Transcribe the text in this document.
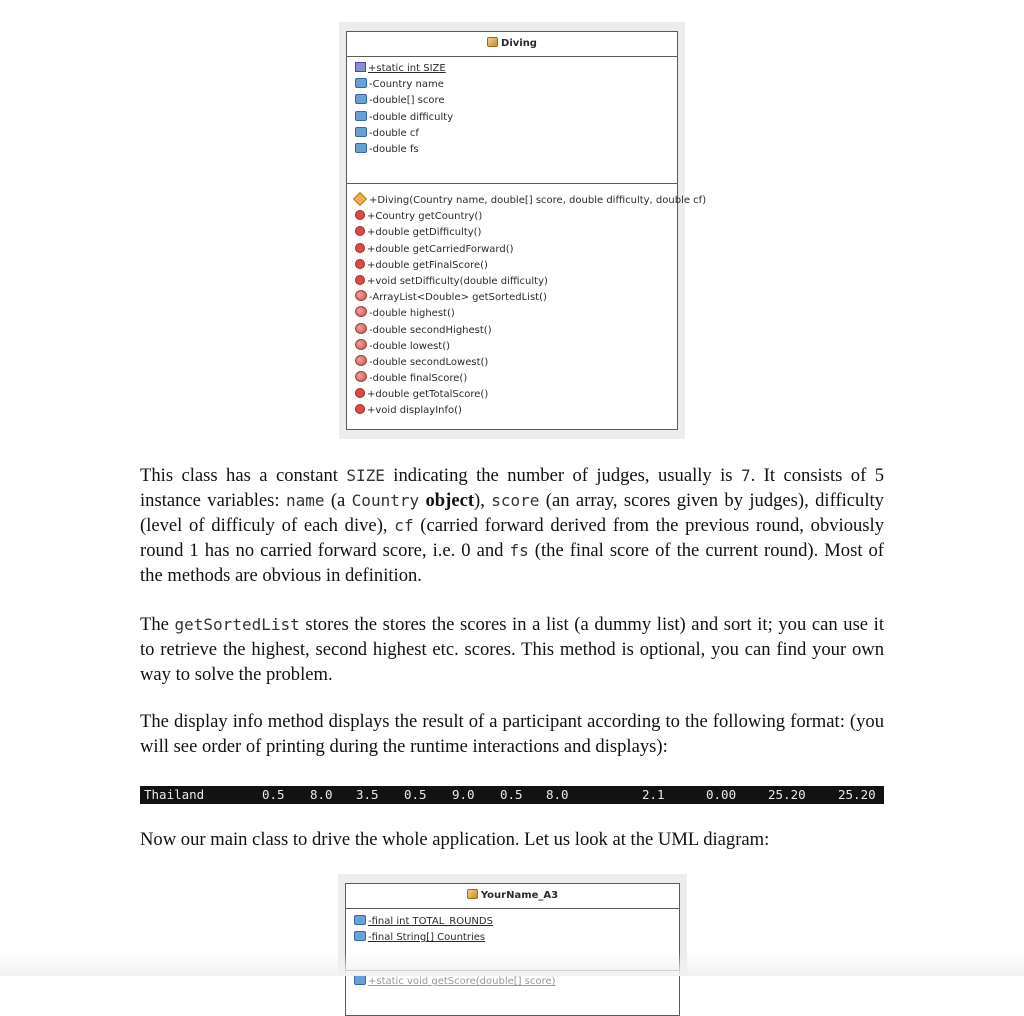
Diving
+static int SIZE
-Country name
-double[] score
-double difficulty
-double cf
-double fs
+Diving(Country name, double[] score, double difficulty, double cf)
+Country getCountry()
+double getDifficulty()
+double getCarriedForward()
+double getFinalScore()
+void setDifficulty(double difficulty)
-ArrayList<Double> getSortedList()
-double highest()
-double secondHighest()
-double lowest()
-double secondLowest()
-double finalScore()
+double getTotalScore()
+void displayInfo()

This class has a constant SIZE indicating the number of judges, usually is 7. It consists of 5 instance variables: name (a Country object), score (an array, scores given by judges), difficulty (level of difficuly of each dive), cf (carried forward derived from the previous round, obviously round 1 has no carried forward score, i.e. 0 and fs (the final score of the current round). Most of the methods are obvious in definition.

The getSortedList stores the stores the scores in a list (a dummy list) and sort it; you can use it to retrieve the highest, second highest etc. scores. This method is optional, you can find your own way to solve the problem.

The display info method displays the result of a participant according to the following format: (you will see order of printing during the runtime interactions and displays):

Thailand	0.5 8.0 3.5 0.5 9.0 0.5 8.0	2.1	0.00	25.20	25.20

Now our main class to drive the whole application. Let us look at the UML diagram:

YourName_A3
-final int TOTAL_ROUNDS
-final String[] Countries
+static void getScore(double[] score)
